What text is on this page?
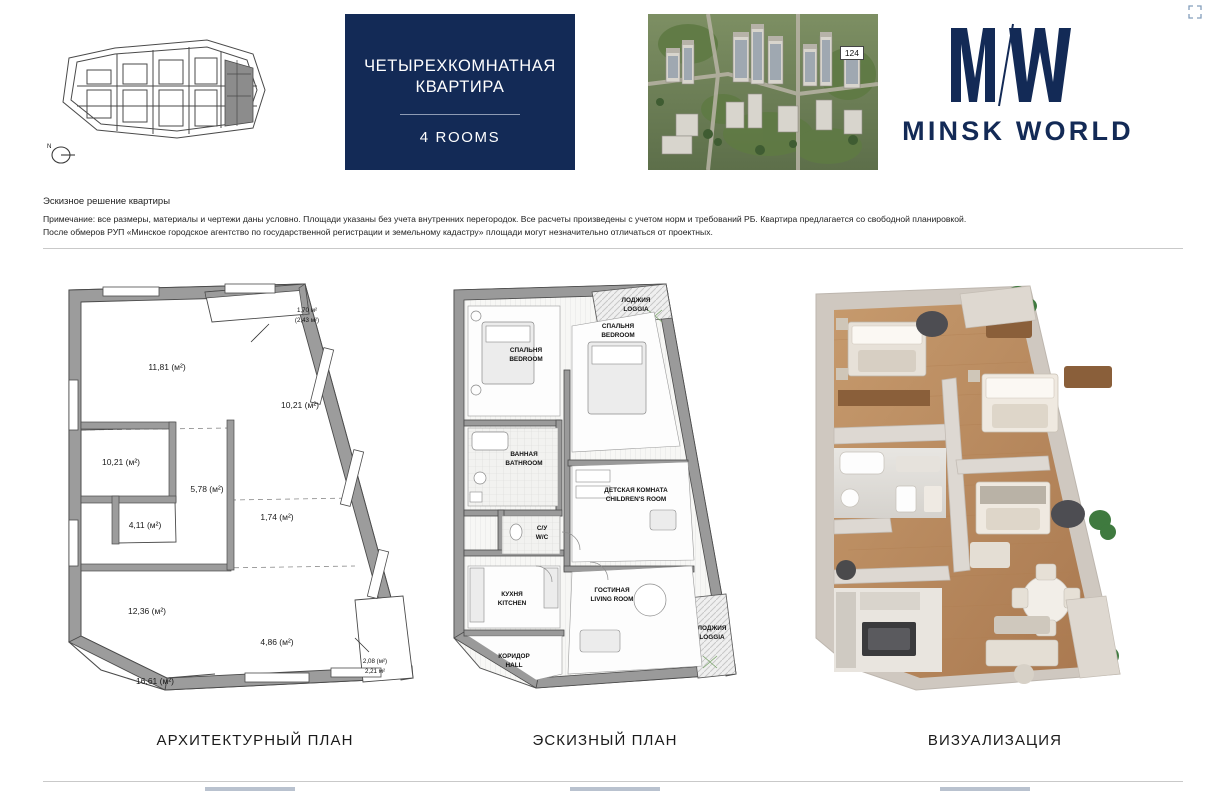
N
ЧЕТЫРЕХКОМНАТНАЯ
КВАРТИРА
4 ROOMS
124
MINSK WORLD
Эскизное решение квартиры
Примечание: все размеры, материалы и чертежи даны условно. Площади указаны без учета внутренних перегородок. Все расчеты произведены с учетом норм и требований РБ. Квартира предлагается со свободной планировкой.
После обмеров РУП «Минское городское агентство по государственной регистрации и земельному кадастру» площади могут незначительно отличаться от проектных.
11,81 (м²)
1,70 м²
(2,43 м²)
10,21 (м²)
10,21 (м²)
5,78 (м²)
4,11 (м²)
1,74 (м²)
12,36 (м²)
4,86 (м²)
16,61 (м²)
2,08 (м²)
2,21 м²
ЛОДЖИЯ
LOGGIA
ЛОДЖИЯ
LOGGIA
СПАЛЬНЯ
BEDROOM
СПАЛЬНЯ
BEDROOM
ВАННАЯ
BATHROOM
С/У
W/C
ДЕТСКАЯ КОМНАТА
CHILDREN'S ROOM
КУХНЯ
KITCHEN
ГОСТИНАЯ
LIVING ROOM
КОРИДОР
HALL
АРХИТЕКТУРНЫЙ ПЛАН	ЭСКИЗНЫЙ ПЛАН	ВИЗУАЛИЗАЦИЯ
